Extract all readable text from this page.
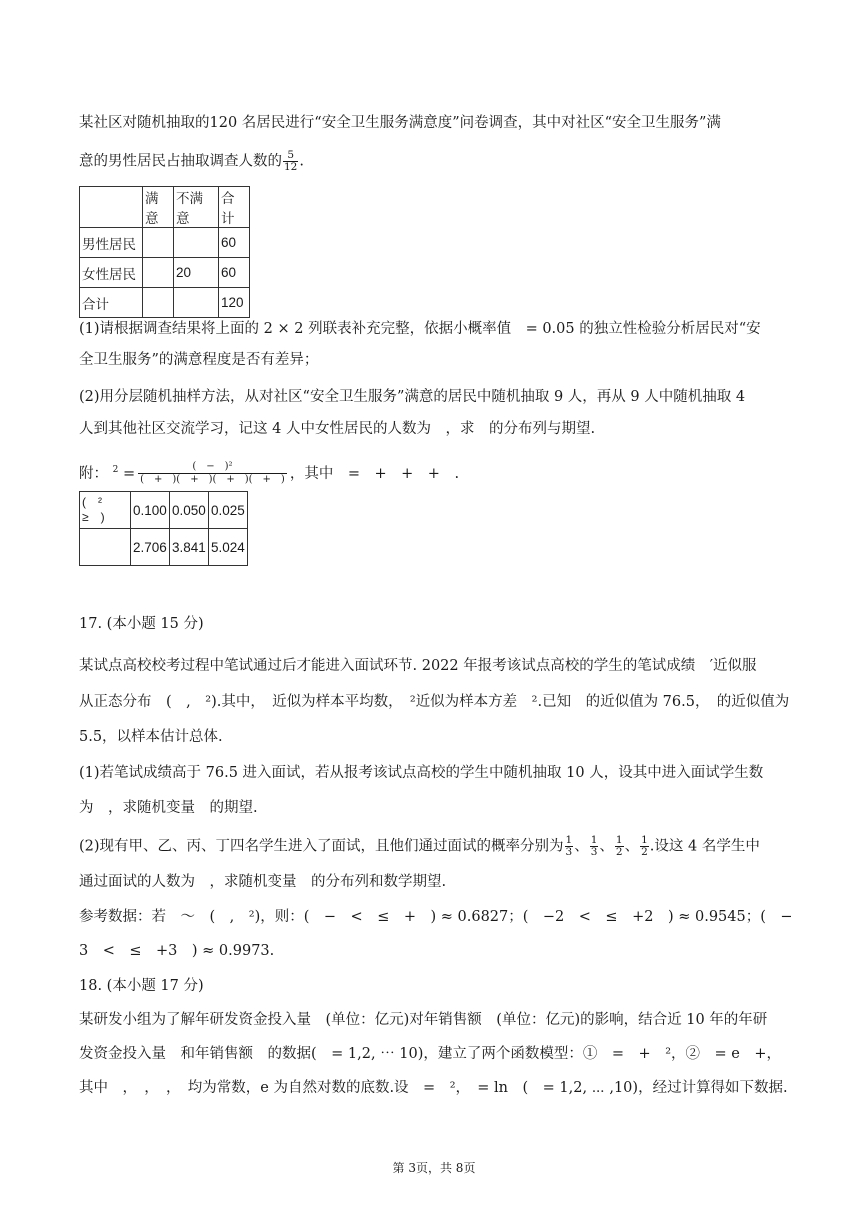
某社区对随机抽取的120 名居民进行“安全卫生服务满意度”问卷调查，其中对社区“安全卫生服务”满
意的男性居民占抽取调查人数的 $\frac{5}{12}$ .
	满意	不满意	合计
男性居民			60
女性居民		20	60
合计			120
(1)请根据调查结果将上面的 2 × 2 列联表补充完整，依据小概率值　= 0.05 的独立性检验分析居民对“安
全卫生服务”的满意程度是否有差异；
(2)用分层随机抽样方法，从对社区“安全卫生服务”满意的居民中随机抽取 9 人，再从 9 人中随机抽取 4
人到其他社区交流学习，记这 4 人中女性居民的人数为　，求　的分布列与期望.
附： $^2 = \frac{\text{(　−　)²}}{( + )( + )( + )( + )}$ ，其中　=　+　+　+　.
(　²
≥　)	0.100	0.050	0.025
	2.706	3.841	5.024
17. (本小题 15 分)
某试点高校校考过程中笔试通过后才能进入面试环节. 2022 年报考该试点高校的学生的笔试成绩　′近似服
从正态分布　(　,　²).其中，　近似为样本平均数，　²近似为样本方差　².已知　的近似值为 76.5，　的近似值为
5.5，以样本估计总体.
(1)若笔试成绩高于 76.5 进入面试，若从报考该试点高校的学生中随机抽取 10 人，设其中进入面试学生数
为　，求随机变量　的期望.
(2)现有甲、乙、丙、丁四名学生进入了面试，且他们通过面试的概率分别为 $\frac{1}{3}$ 、 $\frac{1}{3}$ 、 $\frac{1}{2}$ 、 $\frac{1}{2}$ .设这 4 名学生中
通过面试的人数为　，求随机变量　的分布列和数学期望.
参考数据：若　～　(　,　²)，则：(　−　<　≤　+　) ≈ 0.6827；(　−2　<　≤　+2　) ≈ 0.9545；(　−
3　<　≤　+3　) ≈ 0.9973.
18. (本小题 17 分)
某研发小组为了解年研发资金投入量　(单位：亿元)对年销售额　(单位：亿元)的影响，结合近 10 年的年研
发资金投入量　和年销售额　的数据(　= 1,2, ⋯ 10)，建立了两个函数模型：①　=　+　²，②　= e　+，
其中　，　，　，　均为常数，e 为自然对数的底数.设　=　²，　= ln　(　= 1,2, ⋯ ,10)，经过计算得如下数据.
第 3页，共 8页
